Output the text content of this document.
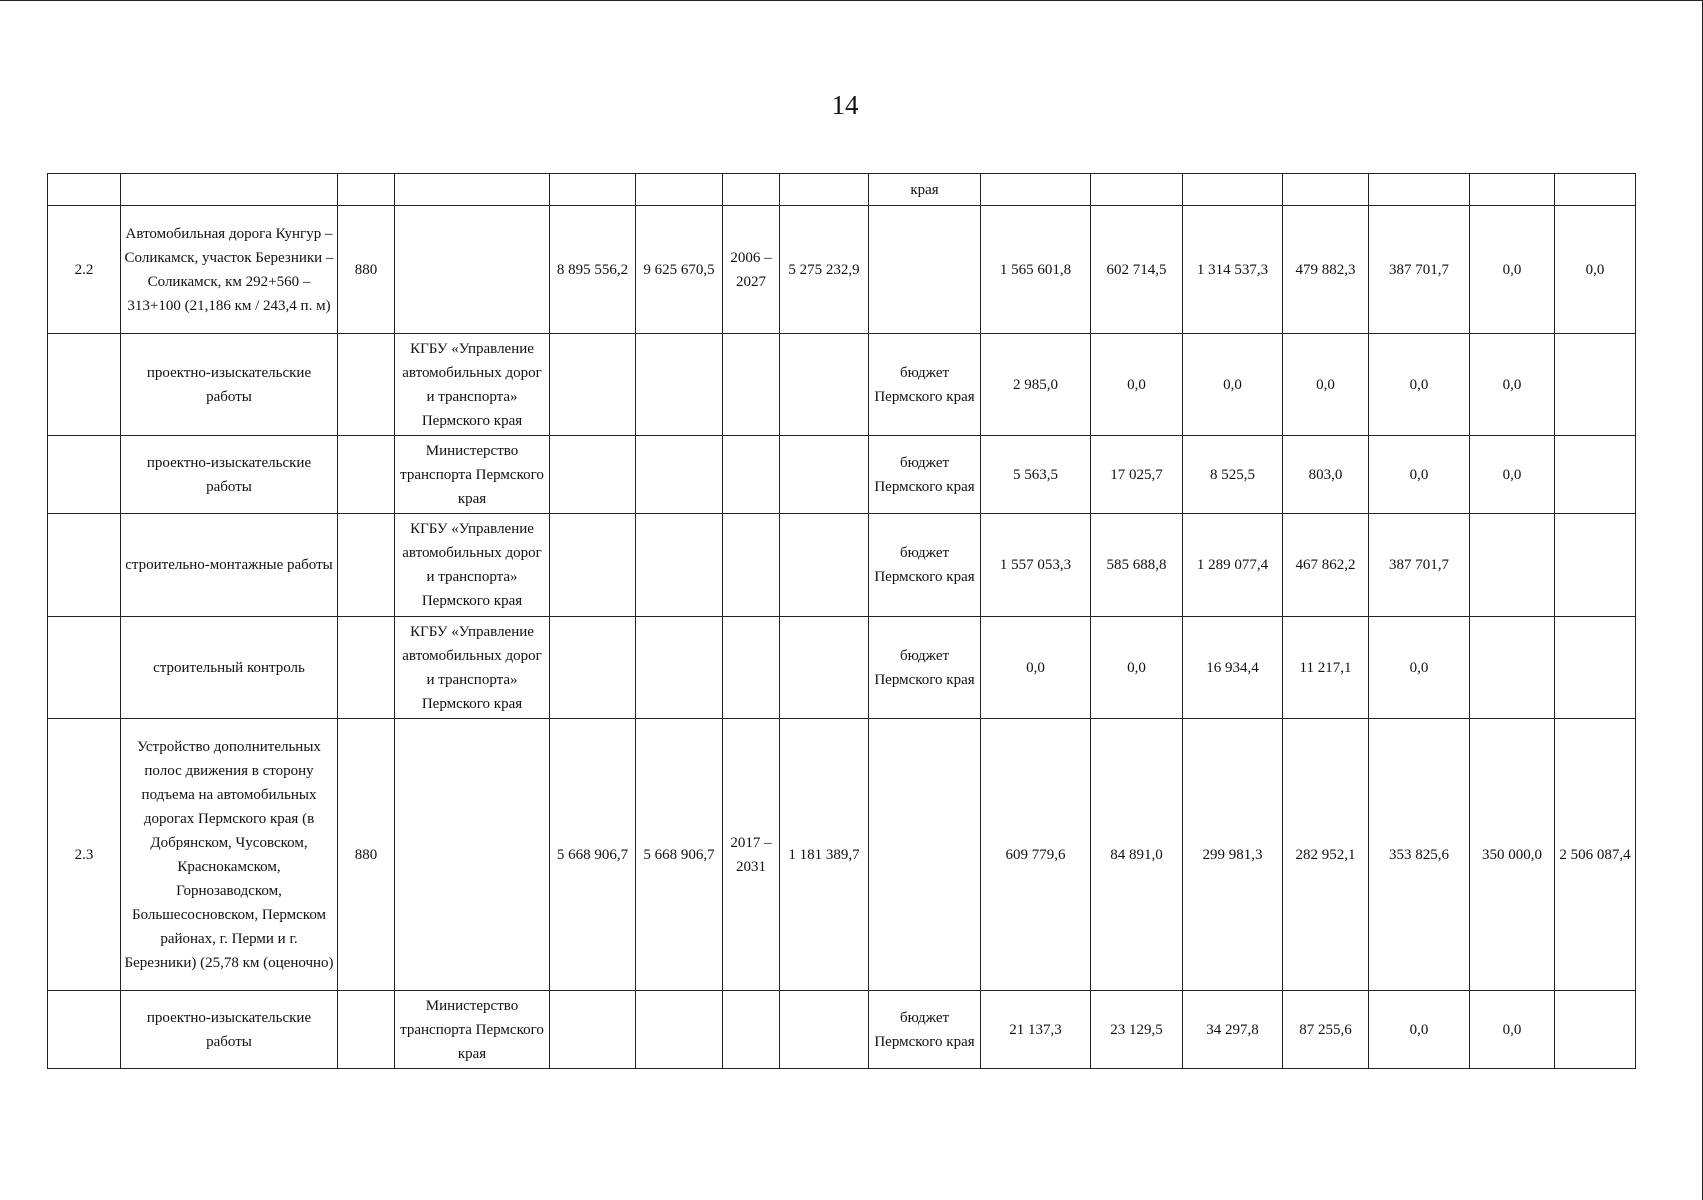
14
								края							
2.2	Автомобильная дорога Кунгур – Соликамск, участок Березники – Соликамск, км 292+560 – 313+100 (21,186 км / 243,4 п. м)	880		8 895 556,2	9 625 670,5	2006 – 2027	5 275 232,9		1 565 601,8	602 714,5	1 314 537,3	479 882,3	387 701,7	0,0	0,0
	проектно-изыскательские работы		КГБУ «Управление автомобильных дорог и транспорта» Пермского края					бюджет Пермского края	2 985,0	0,0	0,0	0,0	0,0	0,0	
	проектно-изыскательские работы		Министерство транспорта Пермского края					бюджет Пермского края	5 563,5	17 025,7	8 525,5	803,0	0,0	0,0	
	строительно-монтажные работы		КГБУ «Управление автомобильных дорог и транспорта» Пермского края					бюджет Пермского края	1 557 053,3	585 688,8	1 289 077,4	467 862,2	387 701,7		
	строительный контроль		КГБУ «Управление автомобильных дорог и транспорта» Пермского края					бюджет Пермского края	0,0	0,0	16 934,4	11 217,1	0,0		
2.3	Устройство дополнительных полос движения в сторону подъема на автомобильных дорогах Пермского края (в Добрянском, Чусовском, Краснокамском, Горнозаводском, Большесосновском, Пермском районах, г. Перми и г. Березники) (25,78 км (оценочно)	880		5 668 906,7	5 668 906,7	2017 – 2031	1 181 389,7		609 779,6	84 891,0	299 981,3	282 952,1	353 825,6	350 000,0	2 506 087,4
	проектно-изыскательские работы		Министерство транспорта Пермского края					бюджет Пермского края	21 137,3	23 129,5	34 297,8	87 255,6	0,0	0,0	
